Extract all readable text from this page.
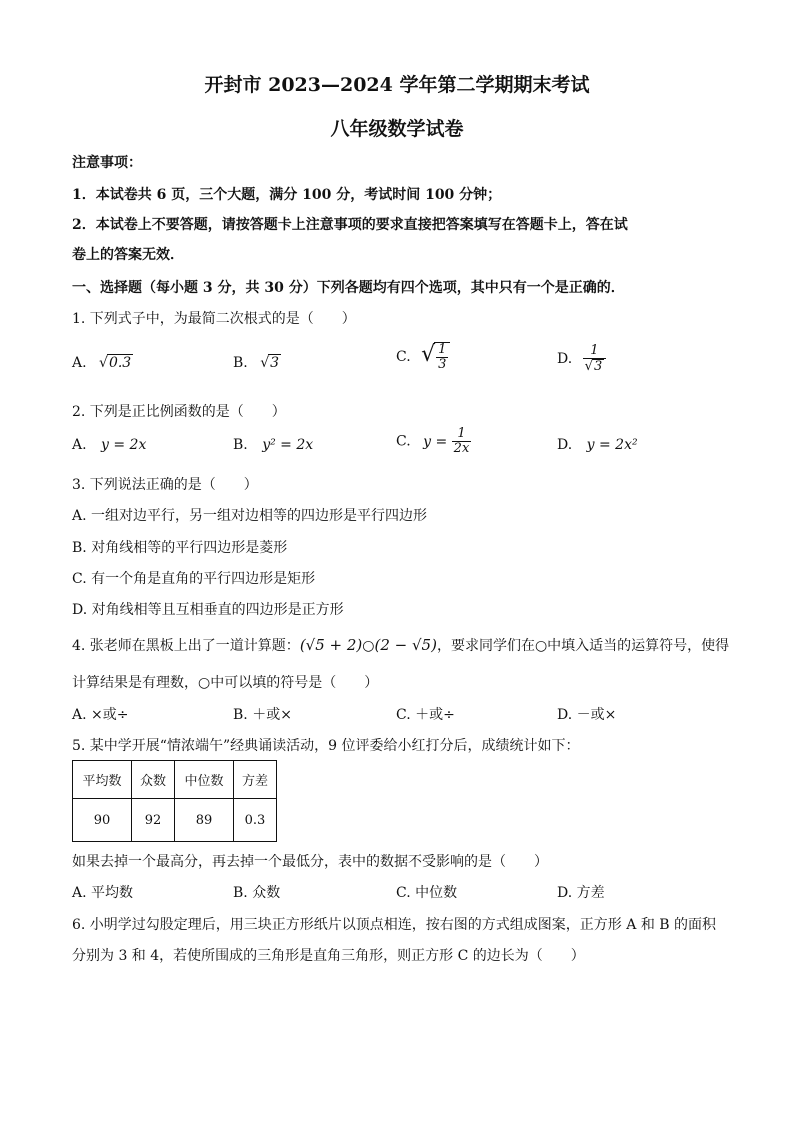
开封市 2023—2024 学年第二学期期末考试
八年级数学试卷
注意事项：
1．本试卷共 6 页，三个大题，满分 100 分，考试时间 100 分钟；
2．本试卷上不要答题，请按答题卡上注意事项的要求直接把答案填写在答题卡上，答在试
卷上的答案无效．
一、选择题（每小题 3 分，共 30 分）下列各题均有四个选项，其中只有一个是正确的．
1. 下列式子中，为最简二次根式的是（　　）
A. √0.3	B. √3	C. √ $\frac{1}{3}$	D. $\frac{1}{√3}$
2. 下列是正比例函数的是（　　）
A. y = 2x	B. y² = 2x	C. $y = \frac{1}{2x}$	D. y = 2x²
3. 下列说法正确的是（　　）
A. 一组对边平行，另一组对边相等的四边形是平行四边形
B. 对角线相等的平行四边形是菱形
C. 有一个角是直角的平行四边形是矩形
D. 对角线相等且互相垂直的四边形是正方形
4. 张老师在黑板上出了一道计算题：(√5 + 2)○(2 − √5)，要求同学们在○中填入适当的运算符号，使得
计算结果是有理数，○中可以填的符号是（　　）
A. ×或÷	B. ＋或×	C. ＋或÷	D. －或×
5. 某中学开展“情浓端午”经典诵读活动，9 位评委给小红打分后，成绩统计如下：
平均数	众数	中位数	方差
90	92	89	0.3
如果去掉一个最高分，再去掉一个最低分，表中的数据不受影响的是（　　）
A. 平均数	B. 众数	C. 中位数	D. 方差
6. 小明学过勾股定理后，用三块正方形纸片以顶点相连，按右图的方式组成图案，正方形 A 和 B 的面积
分别为 3 和 4，若使所围成的三角形是直角三角形，则正方形 C 的边长为（　　）
